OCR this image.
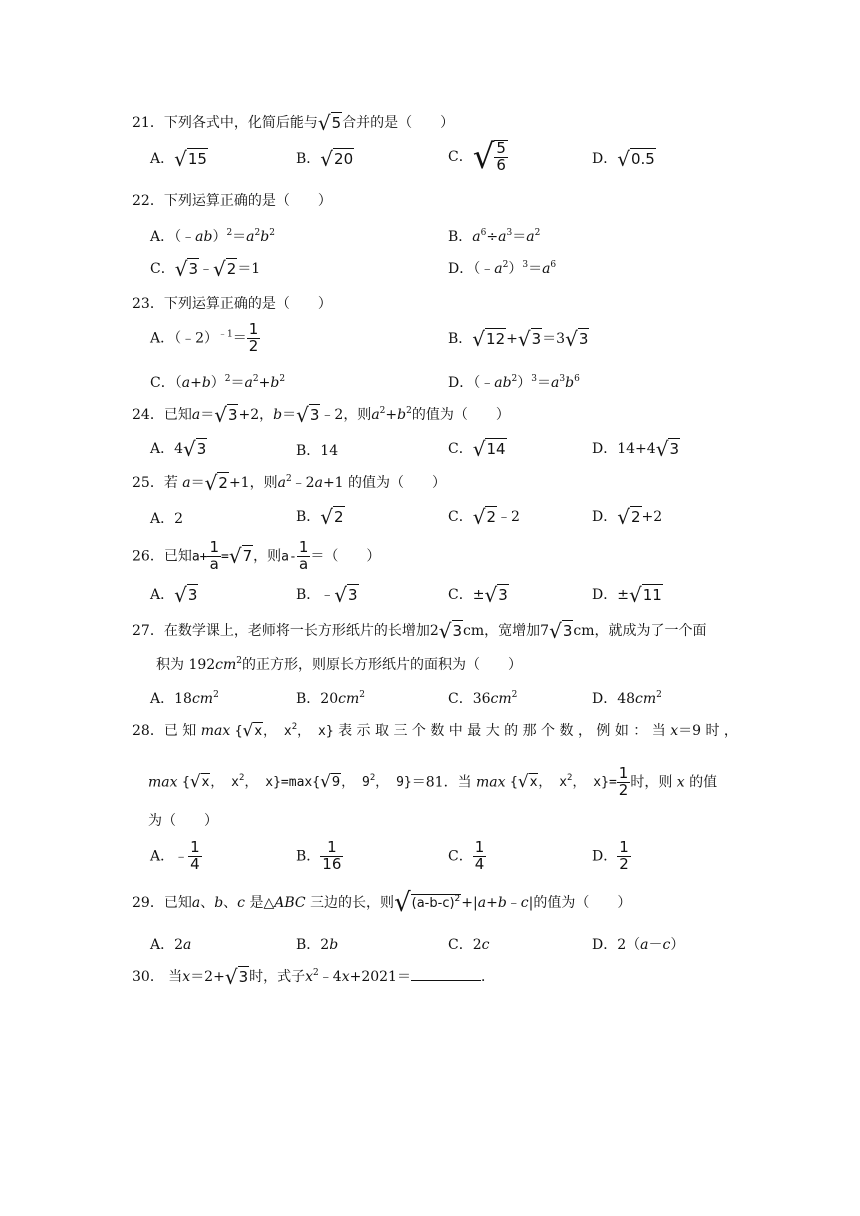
21．下列各式中，化简后能与√5合并的是（　　）
A．√15	B．√20	C．√ $\frac{5}{6}$	D．√0.5
22．下列运算正确的是（　　）
A．$(﹣ab)^2=a^2b^2$	B．$a^6\div a^3=a^2$
C．√3﹣√2＝1	D．$(﹣a^2)^3=a^6$
23．下列运算正确的是（　　）
A．（﹣2）$^{﹣1}$＝ $\frac{1}{2}$	B．√12+√3＝3√3
C．$(a+b)^2=a^2+b^2$	D．$(﹣ab^2)^3=a^3b^6$
24．已知a＝√3+2，b＝√3﹣2，则$a^2+b^2$的值为（　　）
A．4√3	B．14	C．√14	D．14+4√3
25．若 a＝√2+1，则$a^2﹣2a+1$ 的值为（　　）
A．2	B．√2	C．√2﹣2	D．√2+2
26．已知$a+ \frac{1}{a} =√7$，则$a- \frac{1}{a}$ ＝（　　）
A．√3	B．﹣√3	C．±√3	D．±√11
27．在数学课上，老师将一长方形纸片的长增加2√3cm，宽增加7√3cm，就成为了一个面
积为 $192cm^2$的正方形，则原长方形纸片的面积为（　　）
A．$18cm^2$	B．$20cm^2$	C．$36cm^2$	D．$48cm^2$
28．已 知 max {√x， $x^2$， x} 表 示 取 三 个 数 中 最 大 的 那 个 数 ， 例 如 ： 当 x＝9 时 ，
max {√x， $x^2$， x}=max{√9， $9^2$， 9}＝81．当 max {√x， $x^2$， $x\}= \frac{1}{2}$ 时，则 x 的值
为（　　）
A．﹣ $\frac{1}{4}$	B． $\frac{1}{16}$	C． $\frac{1}{4}$	D． $\frac{1}{2}$
29．已知a、b、c 是△ABC 三边的长，则$√(a-b-c)^2+|a+b﹣c|$的值为（　　）
A．2a	B．2b	C．2c	D．2（a－c）
30． 当x＝2+√3时，式子$x^2﹣4x+2021=$	．
